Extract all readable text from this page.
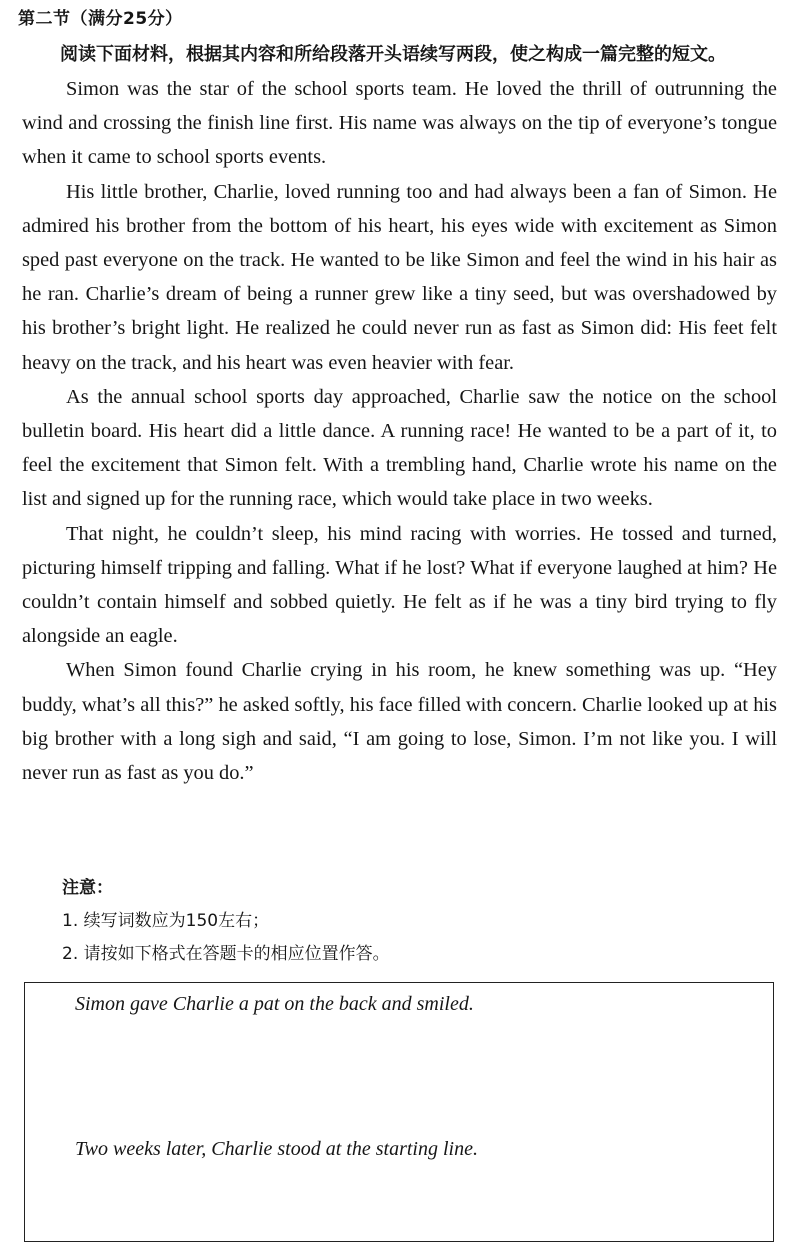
第二节（满分25分）
阅读下面材料，根据其内容和所给段落开头语续写两段，使之构成一篇完整的短文。

Simon was the star of the school sports team. He loved the thrill of outrunning the wind and crossing the finish line first. His name was always on the tip of everyone’s tongue when it came to school sports events.

His little brother, Charlie, loved running too and had always been a fan of Simon. He admired his brother from the bottom of his heart, his eyes wide with excitement as Simon sped past everyone on the track. He wanted to be like Simon and feel the wind in his hair as he ran. Charlie’s dream of being a runner grew like a tiny seed, but was overshadowed by his brother’s bright light. He realized he could never run as fast as Simon did: His feet felt heavy on the track, and his heart was even heavier with fear.

As the annual school sports day approached, Charlie saw the notice on the school bulletin board. His heart did a little dance. A running race! He wanted to be a part of it, to feel the excitement that Simon felt. With a trembling hand, Charlie wrote his name on the list and signed up for the running race, which would take place in two weeks.

That night, he couldn’t sleep, his mind racing with worries. He tossed and turned, picturing himself tripping and falling. What if he lost? What if everyone laughed at him? He couldn’t contain himself and sobbed quietly. He felt as if he was a tiny bird trying to fly alongside an eagle.

When Simon found Charlie crying in his room, he knew something was up. “Hey buddy, what’s all this?” he asked softly, his face filled with concern. Charlie looked up at his big brother with a long sigh and said, “I am going to lose, Simon. I’m not like you. I will never run as fast as you do.”

注意：
1. 续写词数应为150左右；
2. 请按如下格式在答题卡的相应位置作答。
Simon gave Charlie a pat on the back and smiled.
Two weeks later, Charlie stood at the starting line.
